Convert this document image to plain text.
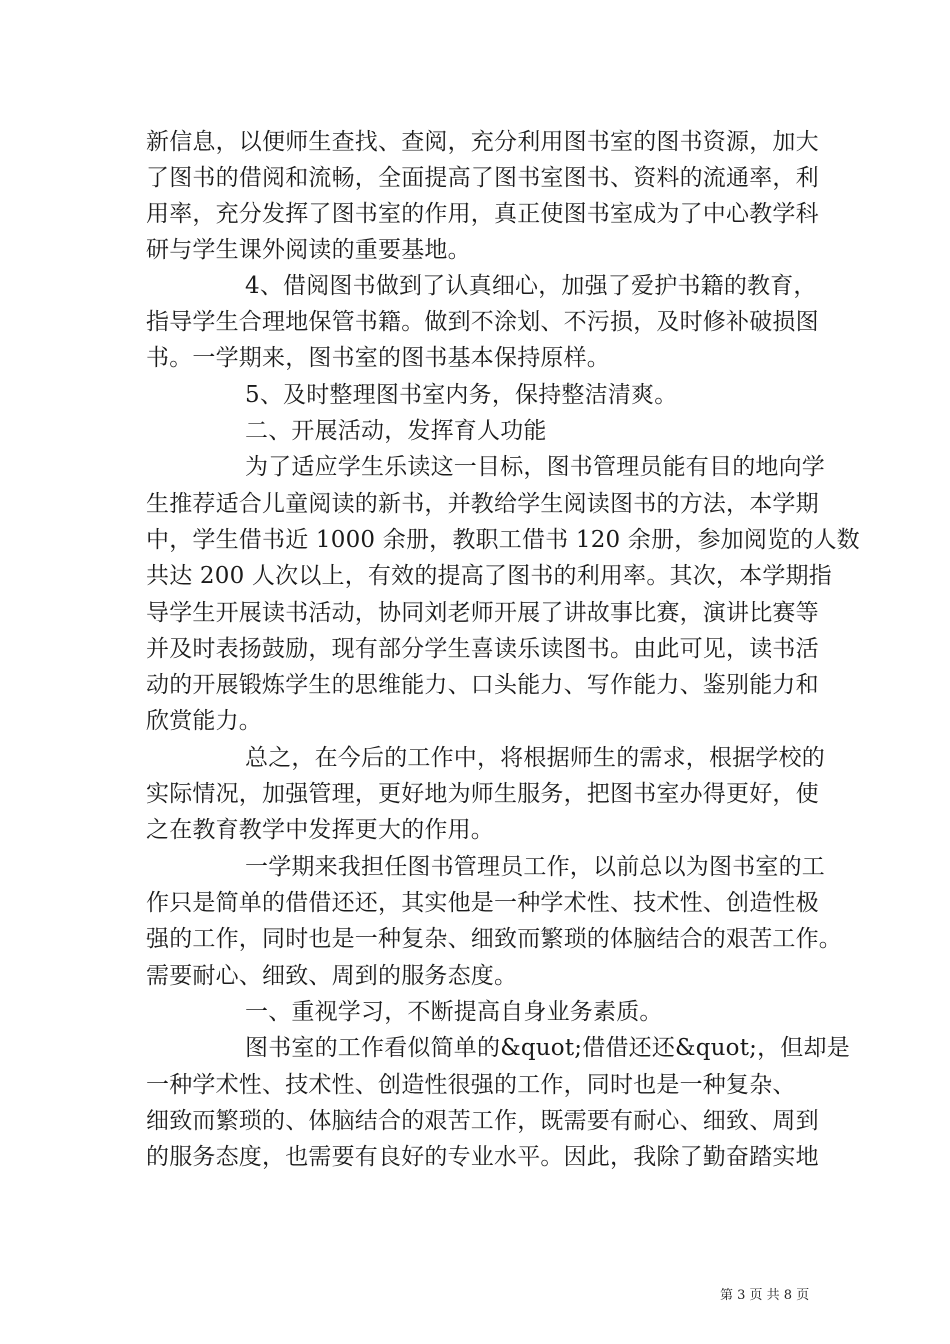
新信息，以便师生查找、查阅，充分利用图书室的图书资源，加大
了图书的借阅和流畅，全面提高了图书室图书、资料的流通率，利
用率，充分发挥了图书室的作用，真正使图书室成为了中心教学科
研与学生课外阅读的重要基地。
4、借阅图书做到了认真细心，加强了爱护书籍的教育，
指导学生合理地保管书籍。做到不涂划、不污损，及时修补破损图
书。一学期来，图书室的图书基本保持原样。
5、及时整理图书室内务，保持整洁清爽。
二、开展活动，发挥育人功能
为了适应学生乐读这一目标，图书管理员能有目的地向学
生推荐适合儿童阅读的新书，并教给学生阅读图书的方法，本学期
中，学生借书近 1000 余册，教职工借书 120 余册，参加阅览的人数
共达 200 人次以上，有效的提高了图书的利用率。其次，本学期指
导学生开展读书活动，协同刘老师开展了讲故事比赛，演讲比赛等
并及时表扬鼓励，现有部分学生喜读乐读图书。由此可见，读书活
动的开展锻炼学生的思维能力、口头能力、写作能力、鉴别能力和
欣赏能力。
总之，在今后的工作中，将根据师生的需求，根据学校的
实际情况，加强管理，更好地为师生服务，把图书室办得更好，使
之在教育教学中发挥更大的作用。
一学期来我担任图书管理员工作，以前总以为图书室的工
作只是简单的借借还还，其实他是一种学术性、技术性、创造性极
强的工作，同时也是一种复杂、细致而繁琐的体脑结合的艰苦工作。
需要耐心、细致、周到的服务态度。
一、重视学习，不断提高自身业务素质。
图书室的工作看似简单的&quot;借借还还&quot;，但却是
一种学术性、技术性、创造性很强的工作，同时也是一种复杂、
细致而繁琐的、体脑结合的艰苦工作，既需要有耐心、细致、周到
的服务态度，也需要有良好的专业水平。因此，我除了勤奋踏实地
第 3 页 共 8 页
